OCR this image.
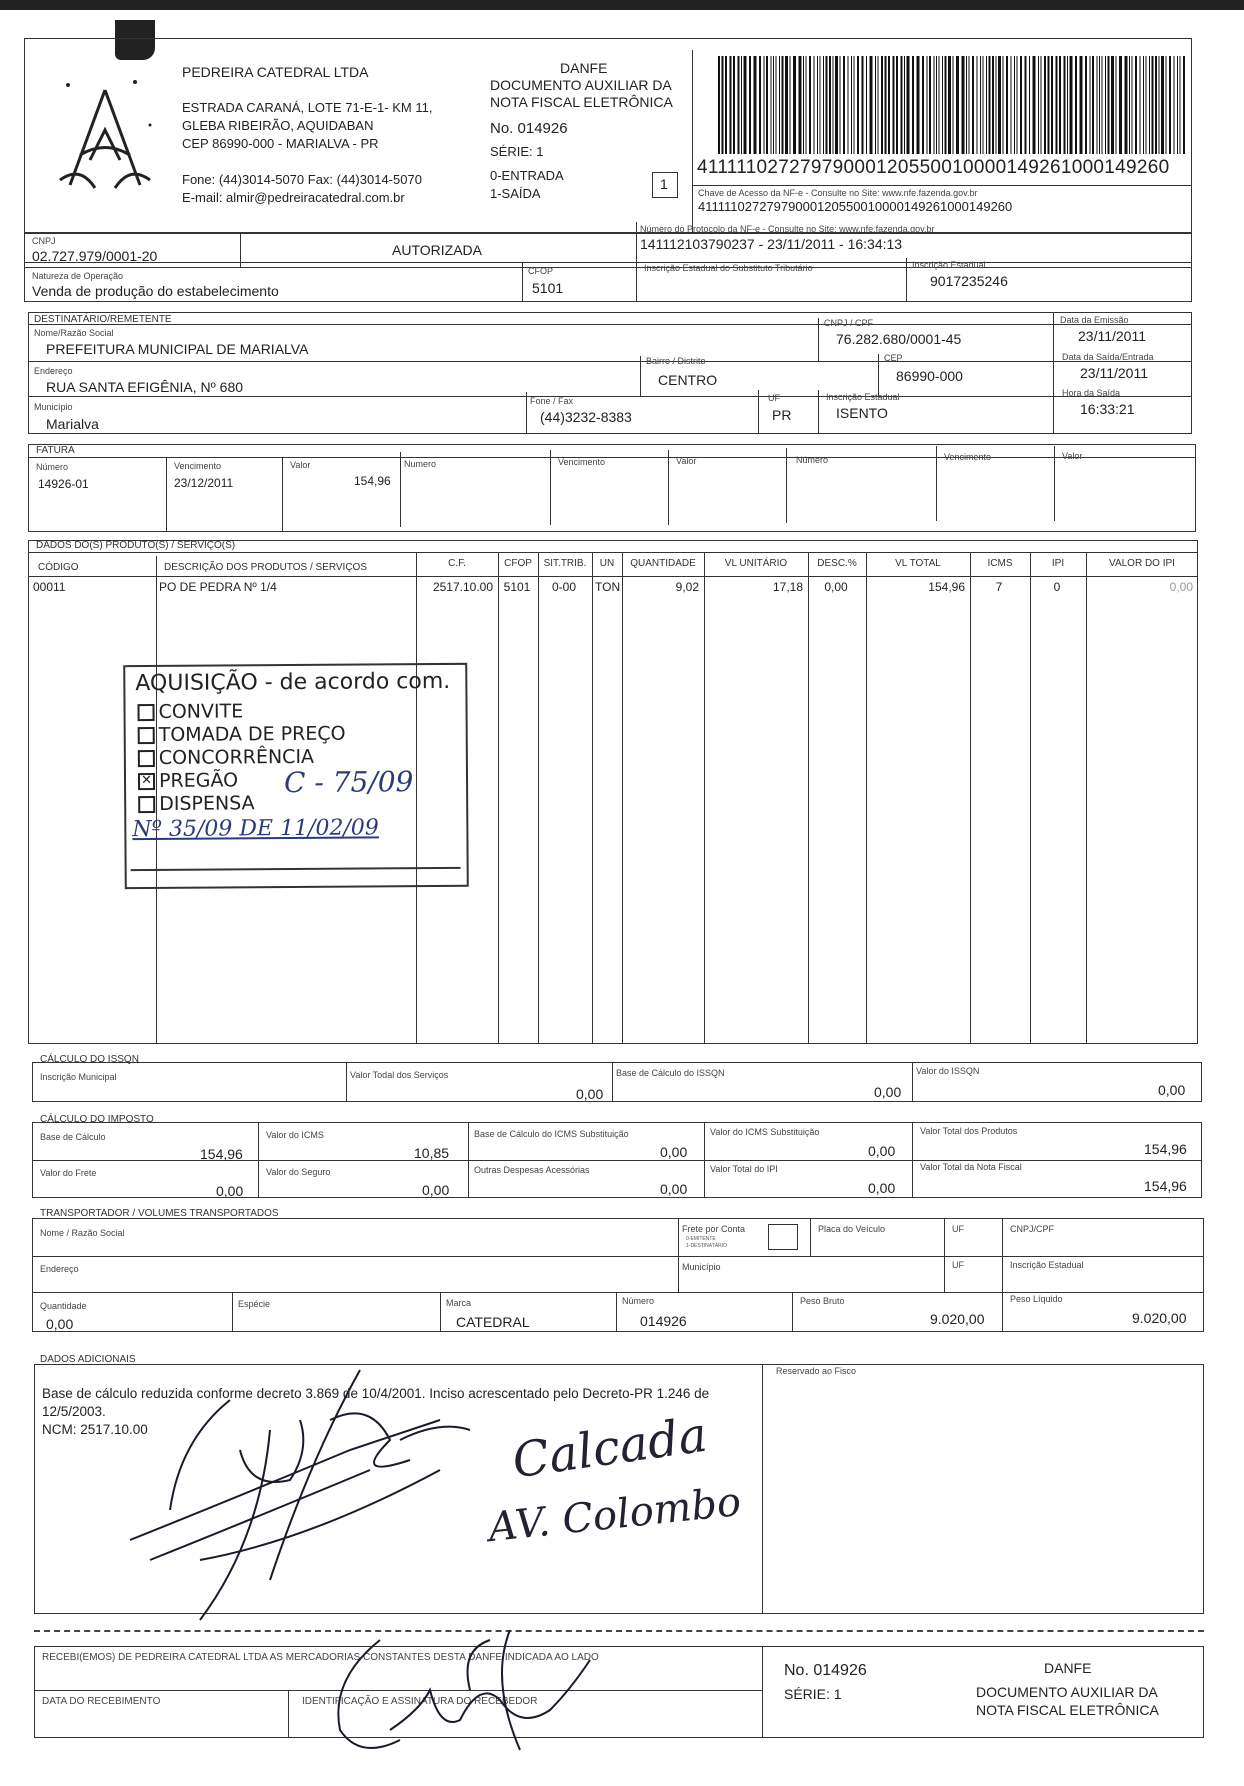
PEDREIRA CATEDRAL LTDA
ESTRADA CARANÁ, LOTE 71-E-1- KM 11,
GLEBA RIBEIRÃO, AQUIDABAN
CEP 86990-000 - MARIALVA - PR
Fone: (44)3014-5070 Fax: (44)3014-5070
E-mail: almir@pedreiracatedral.com.br
DANFE
DOCUMENTO AUXILIAR DA
NOTA FISCAL ELETRÔNICA
No. 014926
SÉRIE: 1
0-ENTRADA
1-SAÍDA
1
41111102727979000120550010000149261000149260
Chave de Acesso da NF-e - Consulte no Site: www.nfe.fazenda.gov.br
41111102727979000120550010000149261000149260
CNPJ
02.727.979/0001-20	AUTORIZADA
Número do Protocolo da NF-e - Consulte no Site: www.nfe.fazenda.gov.br
141112103790237 - 23/11/2011 - 16:34:13
Natureza de Operação
Venda de produção do estabelecimento
CFOP
5101
Inscrição Estadual do Substituto Tributário	Inscrição Estadual
9017235246
DESTINATÁRIO/REMETENTE
Nome/Razão Social
PREFEITURA MUNICIPAL DE MARIALVA
CNPJ / CPF
76.282.680/0001-45
Data da Emissão
23/11/2011
Endereço
RUA SANTA EFIGÊNIA, Nº 680
Bairro / Distrito
CENTRO
CEP
86990-000
Data da Saída/Entrada
23/11/2011
Município
Marialva
Fone / Fax
(44)3232-8383
UF
PR
Inscrição Estadual
ISENTO
Hora da Saída
16:33:21
FATURA
Número	Vencimento	Valor	Numero	Vencimento	Valor	Número	Vencimento	Valor
14926-01	23/12/2011	154,96
DADOS DO(S) PRODUTO(S) / SERVIÇO(S)
CÓDIGO	DESCRIÇÃO DOS PRODUTOS / SERVIÇOS	C.F.	CFOP	SIT.TRIB.	UN	QUANTIDADE	VL UNITÁRIO	DESC.%	VL TOTAL	ICMS	IPI	VALOR DO IPI
00011	PO DE PEDRA Nº 1/4	2517.10.00 5101	0-00	TON	9,02	17,18	0,00	154,96	7	0	0,00
AQUISIÇÃO - de acordo com.
CONVITE
TOMADA DE PREÇO
CONCORRÊNCIA
✕ PREGÃO
DISPENSA
C - 75/09
Nº 35/09 DE 11/02/09
CÁLCULO DO ISSQN
Inscrição Municipal	Valor Todal dos Serviços
0,00
Base de Cálculo do ISSQN
0,00
Valor do ISSQN
0,00
CÁLCULO DO IMPOSTO
Base de Cálculo
154,96
Valor do ICMS
10,85
Base de Cálculo do ICMS Substituição
0,00
Valor do ICMS Substituição
0,00
Valor Total dos Produtos
154,96
Valor do Frete
0,00
Valor do Seguro
0,00
Outras Despesas Acessórias
0,00
Valor Total do IPI
0,00
Valor Total da Nota Fiscal
154,96
TRANSPORTADOR / VOLUMES TRANSPORTADOS
Nome / Razão Social	Frete por Conta
0-EMITENTE
1-DESTINATÁRIO
Placa do Veículo	UF	CNPJ/CPF
Endereço	Município	UF	Inscrição Estadual
Quantidade
0,00
Espécie	Marca
CATEDRAL
Número
014926
Peso Bruto
9.020,00
Peso Líquido
9.020,00
DADOS ADICIONAIS
Base de cálculo reduzida conforme decreto 3.869 de 10/4/2001. Inciso acrescentado pelo Decreto-PR 1.246 de
12/5/2003.
NCM: 2517.10.00
Reservado ao Fisco
Calcada
AV. Colombo
RECEBI(EMOS) DE PEDREIRA CATEDRAL LTDA AS MERCADORIAS CONSTANTES DESTA DANFE INDICADA AO LADO
DATA DO RECEBIMENTO	IDENTIFICAÇÃO E ASSINATURA DO RECEBEDOR
No. 014926
SÉRIE: 1
DANFE
DOCUMENTO AUXILIAR DA
NOTA FISCAL ELETRÔNICA
